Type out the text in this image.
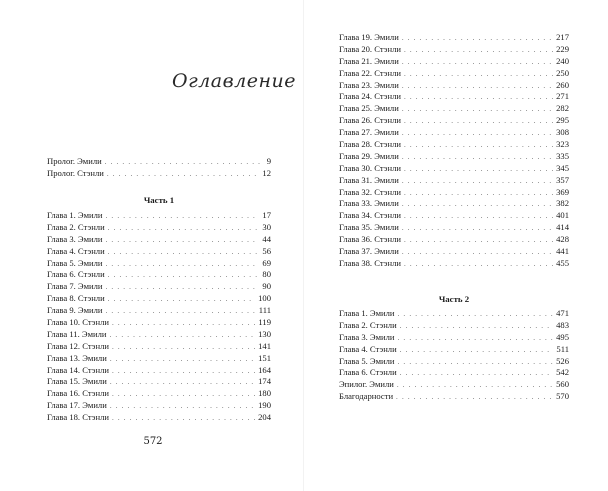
Оглавление
Пролог. Эмили . . .	9
Пролог. Стэнли . . .	12
Часть 1
Глава 1. Эмили . . .	17
Глава 2. Стэнли . . .	30
Глава 3. Эмили . . .	44
Глава 4. Стэнли . . .	56
Глава 5. Эмили . . .	69
Глава 6. Стэнли . . .	80
Глава 7. Эмили . . .	90
Глава 8. Стэнли . . .	100
Глава 9. Эмили . . .	111
Глава 10. Стэнли . . .	119
Глава 11. Эмили . . .	130
Глава 12. Стэнли . . .	141
Глава 13. Эмили . . .	151
Глава 14. Стэнли . . .	164
Глава 15. Эмили . . .	174
Глава 16. Стэнли . . .	180
Глава 17. Эмили . . .	190
Глава 18. Стэнли . . .	204
572
Глава 19. Эмили . . .	217
Глава 20. Стэнли . . .	229
Глава 21. Эмили . . .	240
Глава 22. Стэнли . . .	250
Глава 23. Эмили . . .	260
Глава 24. Стэнли . . .	271
Глава 25. Эмили . . .	282
Глава 26. Стэнли . . .	295
Глава 27. Эмили . . .	308
Глава 28. Стэнли . . .	323
Глава 29. Эмили . . .	335
Глава 30. Стэнли . . .	345
Глава 31. Эмили . . .	357
Глава 32. Стэнли . . .	369
Глава 33. Эмили . . .	382
Глава 34. Стэнли . . .	401
Глава 35. Эмили . . .	414
Глава 36. Стэнли . . .	428
Глава 37. Эмили . . .	441
Глава 38. Стэнли . . .	455
Часть 2
Глава 1. Эмили . . .	471
Глава 2. Стэнли . . .	483
Глава 3. Эмили . . .	495
Глава 4. Стэнли . . .	511
Глава 5. Эмили . . .	526
Глава 6. Стэнли . . .	542
Эпилог. Эмили . . .	560
Благодарности . . .	570
